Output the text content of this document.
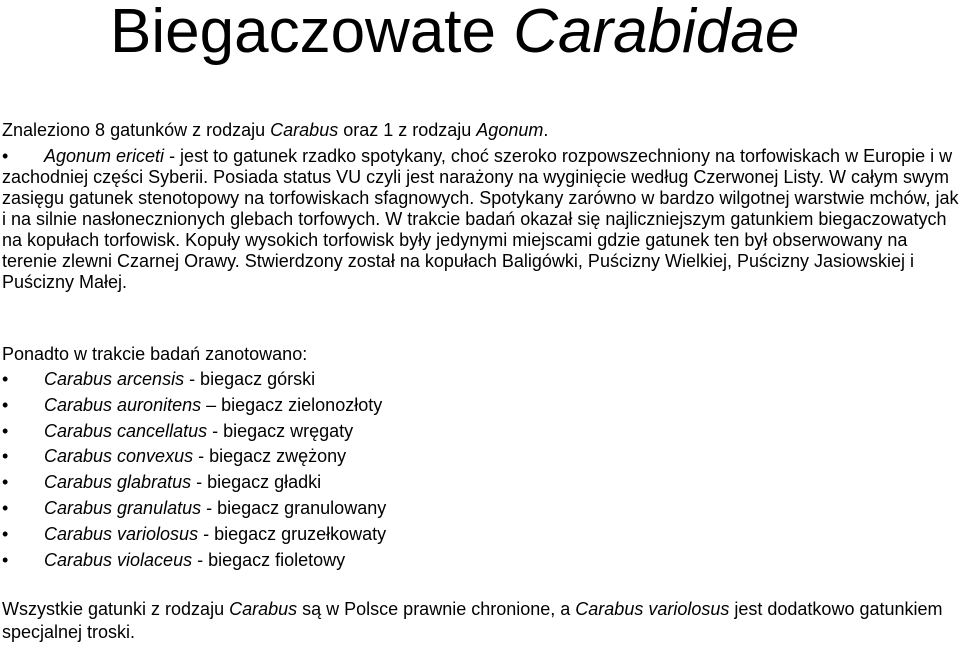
Biegaczowate Carabidae
Znaleziono 8 gatunków z rodzaju Carabus oraz 1 z rodzaju Agonum.
•	Agonum ericeti - jest to gatunek rzadko spotykany, choć szeroko rozpowszechniony na torfowiskach w Europie i w zachodniej części Syberii. Posiada status VU czyli jest narażony na wyginięcie według Czerwonej Listy. W całym swym zasięgu gatunek stenotopowy na torfowiskach sfagnowych. Spotykany zarówno w bardzo wilgotnej warstwie mchów, jak i na silnie nasłonecznionych glebach torfowych. W trakcie badań okazał się najliczniejszym gatunkiem biegaczowatych na kopułach torfowisk. Kopuły wysokich torfowisk były jedynymi miejscami gdzie gatunek ten był obserwowany na terenie zlewni Czarnej Orawy. Stwierdzony został na kopułach Baligówki, Puścizny Wielkiej, Puścizny Jasiowskiej i Puścizny Małej.

Ponadto w trakcie badań zanotowano:
• Carabus arcensis - biegacz górski
• Carabus auronitens – biegacz zielonozłoty
• Carabus cancellatus - biegacz wręgaty
• Carabus convexus - biegacz zwężony
• Carabus glabratus - biegacz gładki
• Carabus granulatus - biegacz granulowany
• Carabus variolosus - biegacz gruzełkowaty
• Carabus violaceus - biegacz fioletowy

Wszystkie gatunki z rodzaju Carabus są w Polsce prawnie chronione, a Carabus variolosus jest dodatkowo gatunkiem specjalnej troski.
